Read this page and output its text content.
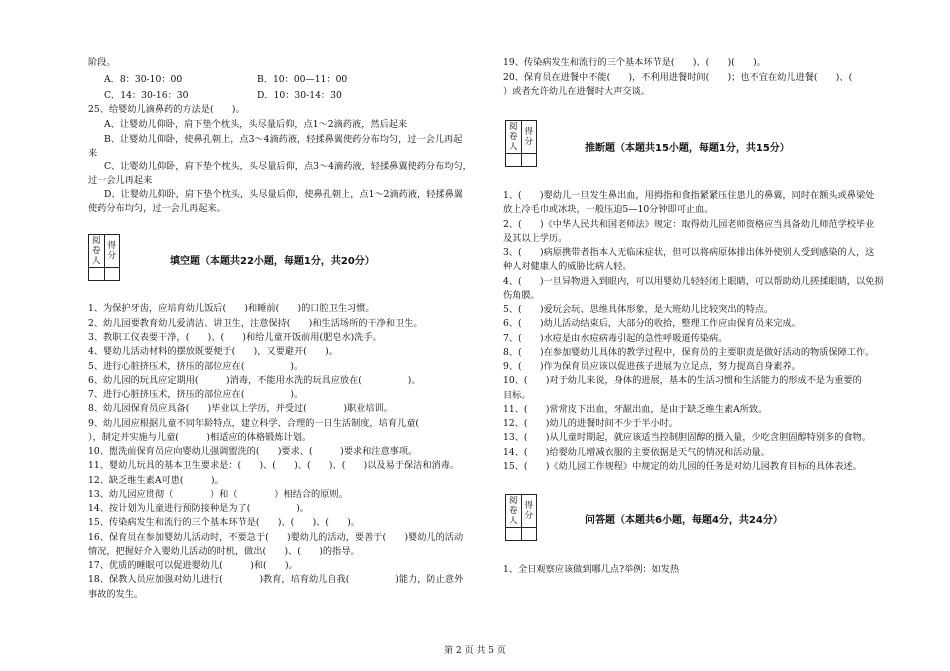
阶段。
A．8：30-10：00	B．10：00—11：00
C．14：30-16：30	D．10：30-14：30
25、给婴幼儿滴鼻药的方法是(　　)。
A、让婴幼儿仰卧，肩下垫个枕头，头尽量后仰，点1～2滴药液，然后起来
B、让婴幼儿仰卧，使鼻孔朝上，点3～4滴药液，轻揉鼻翼使药分布均匀，过一会儿再起
来
C、让婴幼儿仰卧，肩下垫个枕头，头尽量后仰，点3～4滴药液，轻揉鼻翼使药分布均匀，
过一会儿再起来
D、让婴幼儿仰卧，肩下垫个枕头，头尽量后仰，使鼻孔朝上，点1～2滴药液，轻揉鼻翼
使药分布均匀，过一会儿再起来。
阅卷人	得分
		填空题（本题共22小题，每题1分，共20分）
1、为保护牙齿，应培育幼儿饭后(　　)和睡前(　　)的口腔卫生习惯。
2、幼儿园要教育幼儿爱清洁、讲卫生，注意保持(　　)和生活场所的干净和卫生。
3、教职工仪表要干净，(　　)、(　　)和给儿童开饭前用(肥皂水)洗手。
4、婴幼儿活动材料的摆放既要便于(　　)，又要避开(　　)。
5、进行心脏挤压术，挤压的部位应在(　　　　　)。
6、幼儿园的玩具应定期用(　　　)消毒，不能用水洗的玩具应放在(　　　　　)。
7、进行心脏挤压术，挤压的部位应在(　　　　　)。
8、幼儿园保育员应具备(　　)毕业以上学历，并受过(　　　　)职业培训。
9、幼儿园应根据儿童不同年龄特点，建立科学、合理的一日生活制度，培育儿童(　　
），制定并实施与儿童(　　　)相适应的体格锻炼计划。
10、盥洗前保育员应向婴幼儿强调盥洗的(　　)要求、(　　　)要求和注意事项。
11、婴幼儿玩具的基本卫生要求是：(　　)、(　　)、(　　)、(　　)以及易于保洁和消毒。
12、缺乏维生素A可患(　　　)。
13、幼儿园应贯彻（　　　　）和（　　　　）相结合的原则。
14、按计划为儿童进行预防接种是为了(　　　　　)。
15、传染病发生和流行的三个基本环节是(　　)、(　　)、(　　)。
16、保育员在参加婴幼儿活动时，不要急于(　　)婴幼儿的活动，要善于(　　)婴幼儿的活动
情况，把握好介入婴幼儿活动的时机，做出(　　)、(　　)的指导。
17、优质的睡眠可以促进婴幼儿(　　　)和(　　)。
18、保教人员应加强对幼儿进行(　　　　)教育，培育幼儿自我(　　　　　)能力，防止意外
事故的发生。
19、传染病发生和流行的三个基本环节是(　　)、(　　)(　　)。
20、保育员在进餐中不能(　　)，不利用进餐时间(　　)；也不宜在幼儿进餐(　　)、(　　
）或者允许幼儿在进餐时大声交谈。
阅卷人	得分

推断题（本题共15小题，每题1分，共15分）
1、(　　)婴幼儿一旦发生鼻出血，用拇指和食指紧紧压住患儿的鼻翼，同时在额头或鼻梁处
放上冷毛巾或冰块，一般压迫5—10分钟即可止血。
2、(　　)《中华人民共和国老师法》规定：取得幼儿园老师资格应当具备幼儿师范学校毕业
及其以上学历。
3、(　　)病原携带者指本人无临床症状，但可以将病原体排出体外使别人受到感染的人，这
种人对健康人的威胁比病人轻。
4、(　　)一旦异物进入到眼内，可以用婴幼儿轻轻闭上眼睛，可以帮助幼儿搓揉眼睛，以免损
伤角膜。
5、(　　)爱玩会玩、思维具体形象，是大班幼儿比较突出的特点。
6、(　　)幼儿活动结束后，大部分的收拾，整理工作应由保育员来完成。
7、(　　)水痘是由水痘病毒引起的急性呼吸道传染病。
8、(　　)在参加婴幼儿具体的教学过程中，保育员的主要职责是做好活动的物质保障工作。
9、(　　)作为保育员应该以促进孩子进展为立足点，努力提高自身素养。
10、(　　)对于幼儿来说，身体的进展，基本的生活习惯和生活能力的形成不是为重要的
目标。
11、(　　)常常皮下出血，牙龈出血，是由于缺乏维生素A所致。
12、(　　)幼儿的进餐时间不少于半小时。
13、(　　)从儿童时期起，就应该适当控制胆固醇的摄入量，少吃含胆固醇特别多的食物。
14、(　　)给婴幼儿增减衣服的主要依据是天气的情况和活动量。
15、(　　)《幼儿园工作规程》中规定的幼儿园的任务是对幼儿园教育目标的具体表述。
阅卷人	得分
		问答题（本题共6小题，每题4分，共24分）
1、全日观察应该做到哪几点?举例：如发热
第 2 页 共 5 页
